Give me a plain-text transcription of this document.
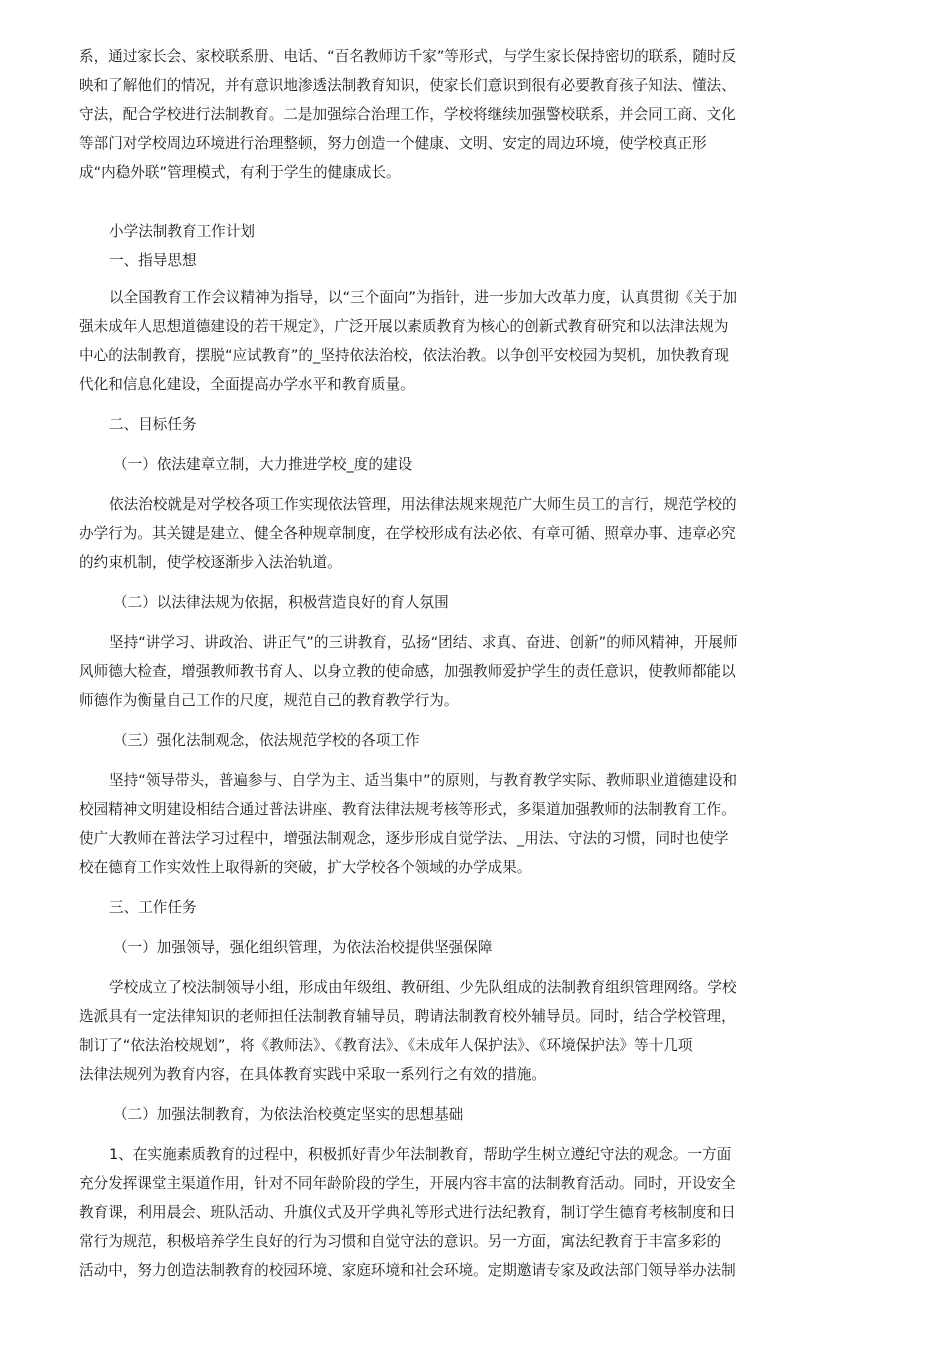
系，通过家长会、家校联系册、电话、“百名教师访千家”等形式，与学生家长保持密切的联系，随时反
映和了解他们的情况，并有意识地渗透法制教育知识，使家长们意识到很有必要教育孩子知法、懂法、
守法，配合学校进行法制教育。二是加强综合治理工作，学校将继续加强警校联系，并会同工商、文化
等部门对学校周边环境进行治理整顿，努力创造一个健康、文明、安定的周边环境，使学校真正形
成“内稳外联”管理模式，有利于学生的健康成长。
小学法制教育工作计划
一、指导思想
以全国教育工作会议精神为指导，以“三个面向”为指针，进一步加大改革力度，认真贯彻《关于加
强未成年人思想道德建设的若干规定》，广泛开展以素质教育为核心的创新式教育研究和以法津法规为
中心的法制教育，摆脱“应试教育”的_坚持依法治校，依法治教。以争创平安校园为契机，加快教育现
代化和信息化建设，全面提高办学水平和教育质量。
二、目标任务
（一）依法建章立制，大力推进学校_度的建设
依法治校就是对学校各项工作实现依法管理，用法律法规来规范广大师生员工的言行，规范学校的
办学行为。其关键是建立、健全各种规章制度，在学校形成有法必依、有章可循、照章办事、违章必究
的约束机制，使学校逐渐步入法治轨道。
（二）以法律法规为依据，积极营造良好的育人氛围
坚持“讲学习、讲政治、讲正气”的三讲教育，弘扬“团结、求真、奋进、创新”的师风精神，开展师
风师德大检查，增强教师教书育人、以身立教的使命感，加强教师爱护学生的责任意识，使教师都能以
师德作为衡量自己工作的尺度，规范自己的教育教学行为。
（三）强化法制观念，依法规范学校的各项工作
坚持“领导带头，普遍参与、自学为主、适当集中”的原则，与教育教学实际、教师职业道德建设和
校园精神文明建设相结合通过普法讲座、教育法律法规考核等形式，多渠道加强教师的法制教育工作。
使广大教师在普法学习过程中，增强法制观念，逐步形成自觉学法、_用法、守法的习惯，同时也使学
校在德育工作实效性上取得新的突破，扩大学校各个领域的办学成果。
三、工作任务
（一）加强领导，强化组织管理，为依法治校提供坚强保障
学校成立了校法制领导小组，形成由年级组、教研组、少先队组成的法制教育组织管理网络。学校
选派具有一定法律知识的老师担任法制教育辅导员，聘请法制教育校外辅导员。同时，结合学校管理，
制订了“依法治校规划”，将《教师法》、《教育法》、《未成年人保护法》、《环境保护法》等十几项
法律法规列为教育内容，在具体教育实践中采取一系列行之有效的措施。
（二）加强法制教育，为依法治校奠定坚实的思想基础
1、在实施素质教育的过程中，积极抓好青少年法制教育，帮助学生树立遵纪守法的观念。一方面
充分发挥课堂主渠道作用，针对不同年龄阶段的学生，开展内容丰富的法制教育活动。同时，开设安全
教育课，利用晨会、班队活动、升旗仪式及开学典礼等形式进行法纪教育，制订学生德育考核制度和日
常行为规范，积极培养学生良好的行为习惯和自觉守法的意识。另一方面，寓法纪教育于丰富多彩的
活动中，努力创造法制教育的校园环境、家庭环境和社会环境。定期邀请专家及政法部门领导举办法制
